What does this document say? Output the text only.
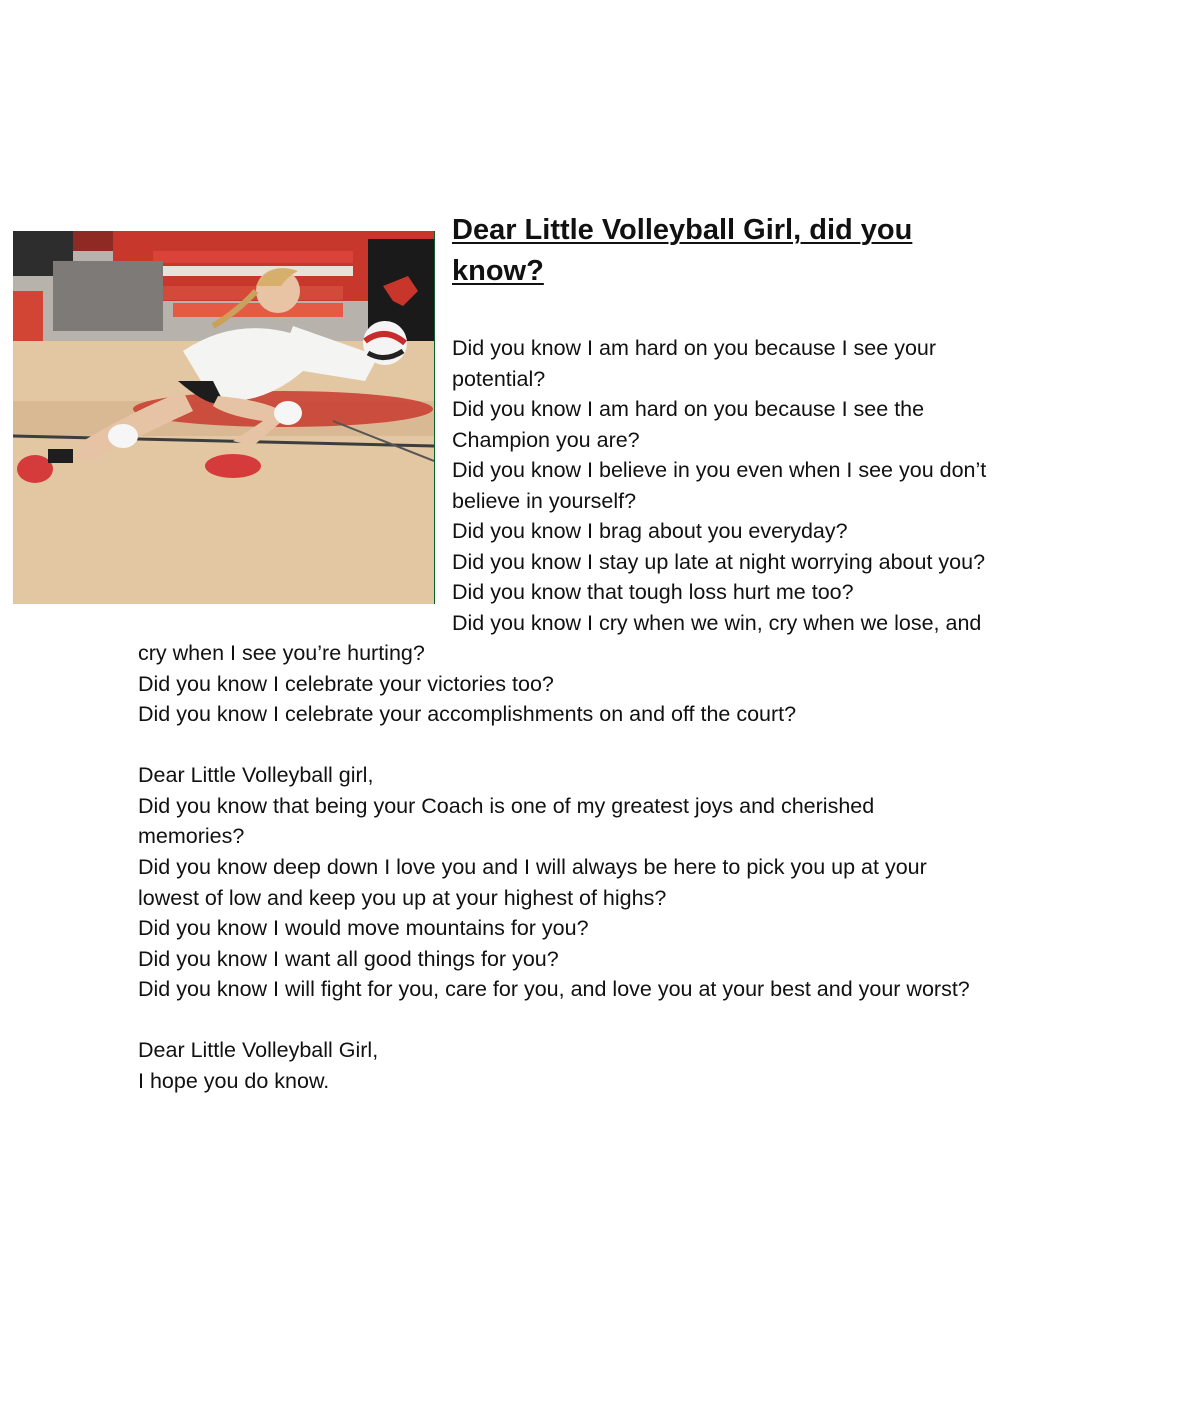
Dear Little Volleyball Girl, did you know?

Did you know I am hard on you because I see your

potential?

Did you know I am hard on you because I see the

Champion you are?

Did you know I believe in you even when I see you don’t

believe in yourself?

Did you know I brag about you everyday?

Did you know I stay up late at night worrying about you?

Did you know that tough loss hurt me too?

Did you know I cry when we win, cry when we lose, and

cry when I see you’re hurting?

Did you know I celebrate your victories too?

Did you know I celebrate your accomplishments on and off the court?

Dear Little Volleyball girl,

Did you know that being your Coach is one of my greatest joys and cherished

memories?

Did you know deep down I love you and I will always be here to pick you up at your

lowest of low and keep you up at your highest of highs?

Did you know I would move mountains for you?

Did you know I want all good things for you?

Did you know I will fight for you, care for you, and love you at your best and your worst?

Dear Little Volleyball Girl,

I hope you do know.
